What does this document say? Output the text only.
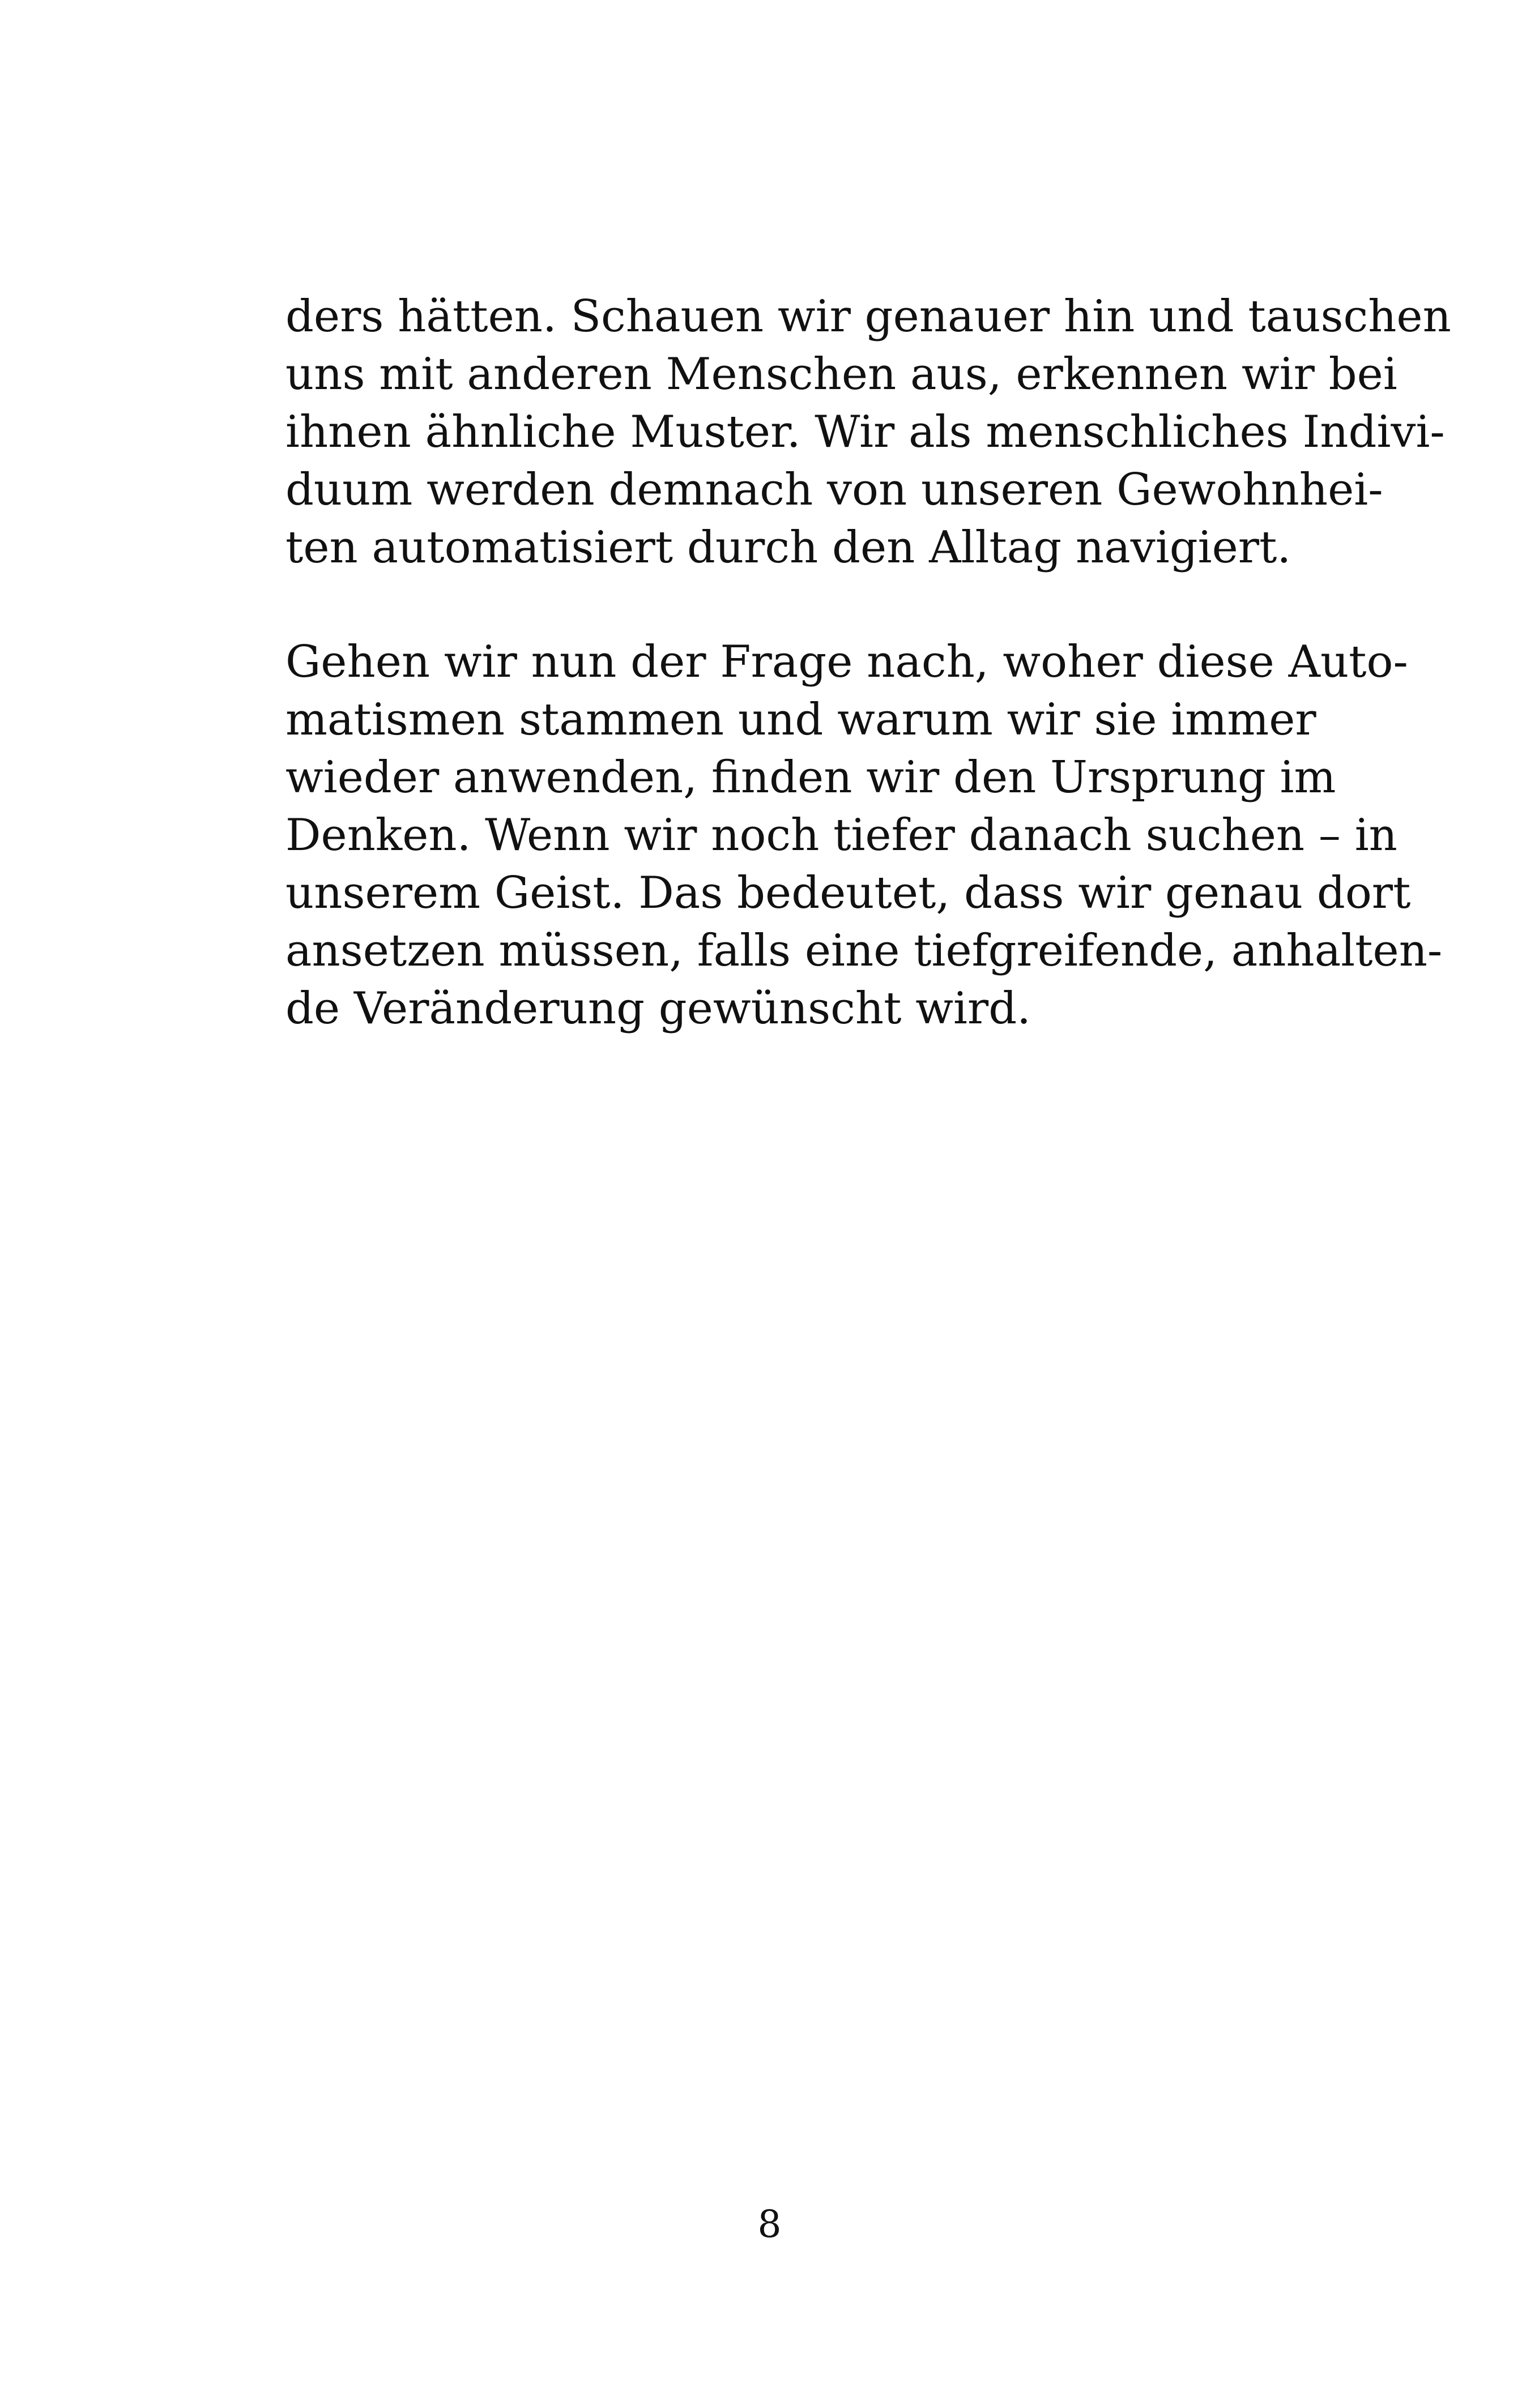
ders hätten. Schauen wir genauer hin und tauschen
uns mit anderen Menschen aus, erkennen wir bei
ihnen ähnliche Muster. Wir als menschliches Indivi-
duum werden demnach von unseren Gewohnhei-
ten automatisiert durch den Alltag navigiert.

Gehen wir nun der Frage nach, woher diese Auto-
matismen stammen und warum wir sie immer
wieder anwenden, finden wir den Ursprung im
Denken. Wenn wir noch tiefer danach suchen – in
unserem Geist. Das bedeutet, dass wir genau dort
ansetzen müssen, falls eine tiefgreifende, anhalten-
de Veränderung gewünscht wird.

8
